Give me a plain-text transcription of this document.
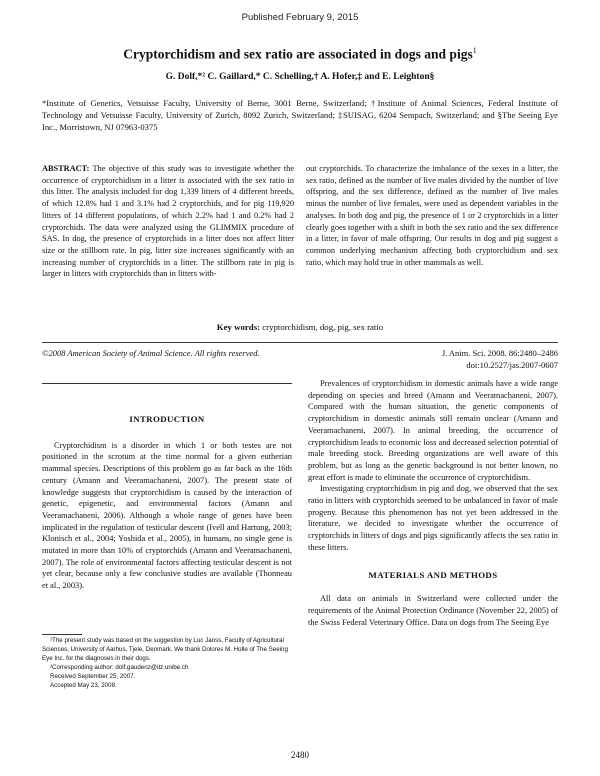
Published February 9, 2015
Cryptorchidism and sex ratio are associated in dogs and pigs$^1$
G. Dolf,*² C. Gaillard,* C. Schelling,† A. Hofer,‡ and E. Leighton§
*Institute of Genetics, Vetsuisse Faculty, University of Berne, 3001 Berne, Switzerland; †Institute of Animal Sciences, Federal Institute of Technology and Vetsuisse Faculty, University of Zurich, 8092 Zurich, Switzerland; ‡SUISAG, 6204 Sempach, Switzerland; and §The Seeing Eye Inc., Morristown, NJ 07963-0375
ABSTRACT: The objective of this study was to investigate whether the occurrence of cryptorchidism in a litter is associated with the sex ratio in this litter. The analysis included for dog 1,339 litters of 4 different breeds, of which 12.8% had 1 and 3.1% had 2 cryptorchids, and for pig 119,920 litters of 14 different populations, of which 2.2% had 1 and 0.2% had 2 cryptorchids. The data were analyzed using the GLIMMIX procedure of SAS. In dog, the presence of cryptorchids in a litter does not affect litter size or the stillborn rate. In pig, litter size increases significantly with an increasing number of cryptorchids in a litter. The stillborn rate in pig is larger in litters with cryptorchids than in litters with-
out cryptorchids. To characterize the imbalance of the sexes in a litter, the sex ratio, defined as the number of live males divided by the number of live offspring, and the sex difference, defined as the number of live males minus the number of live females, were used as dependent variables in the analyses. In both dog and pig, the presence of 1 or 2 cryptorchids in a litter clearly goes together with a shift in both the sex ratio and the sex difference in a litter, in favor of male offspring. Our results in dog and pig suggest a common underlying mechanism affecting both cryptorchidism and sex ratio, which may hold true in other mammals as well.
Key words: cryptorchidism, dog, pig, sex ratio
©2008 American Society of Animal Science. All rights reserved.	J. Anim. Sci. 2008. 86:2480–2486
doi:10.2527/jas.2007-0607
INTRODUCTION

Cryptorchidism is a disorder in which 1 or both testes are not positioned in the scrotum at the time normal for a given eutherian mammal species. Descriptions of this problem go as far back as the 16th century (Amann and Veeramachaneni, 2007). The present state of knowledge suggests that cryptorchidism is caused by the interaction of genetic, epigenetic, and environmental factors (Amann and Veeramachaneni, 2006). Although a whole range of genes have been implicated in the regulation of testicular descent (Ivell and Hartung, 2003; Klonisch et al., 2004; Yoshida et al., 2005), in humans, no single gene is mutated in more than 10% of cryptorchids (Amann and Veeramachaneni, 2007). The role of environmental factors affecting testicular descent is not yet clear, because only a few conclusive studies are available (Thonneau et al., 2003).

Prevalences of cryptorchidism in domestic animals have a wide range depending on species and breed (Amann and Veeramachaneni, 2007). Compared with the human situation, the genetic components of cryptorchidism in domestic animals still remain unclear (Amann and Veeramachaneni, 2007). In animal breeding, the occurrence of cryptorchidism leads to economic loss and decreased selection potential of male breeding stock. Breeding organizations are well aware of this problem, but as long as the genetic background is not better known, no great effort is made to eliminate the occurrence of cryptorchidism.

Investigating cryptorchidism in pig and dog, we observed that the sex ratio in litters with cryptorchids seemed to be unbalanced in favor of male progeny. Because this phenomenon has not yet been addressed in the literature, we decided to investigate whether the occurrence of cryptorchids in litters of dogs and pigs significantly affects the sex ratio in these litters.

MATERIALS AND METHODS

All data on animals in Switzerland were collected under the requirements of the Animal Protection Ordinance (November 22, 2005) of the Swiss Federal Veterinary Office. Data on dogs from The Seeing Eye

¹The present study was based on the suggestion by Luc Janss, Faculty of Agricultural Sciences, University of Aarhus, Tjele, Denmark. We thank Dolores M. Holle of The Seeing Eye Inc. for the diagnoses in their dogs.

²Corresponding author: dolf.gaudenz@itz.unibe.ch

Received September 25, 2007.

Accepted May 23, 2008.

2480
